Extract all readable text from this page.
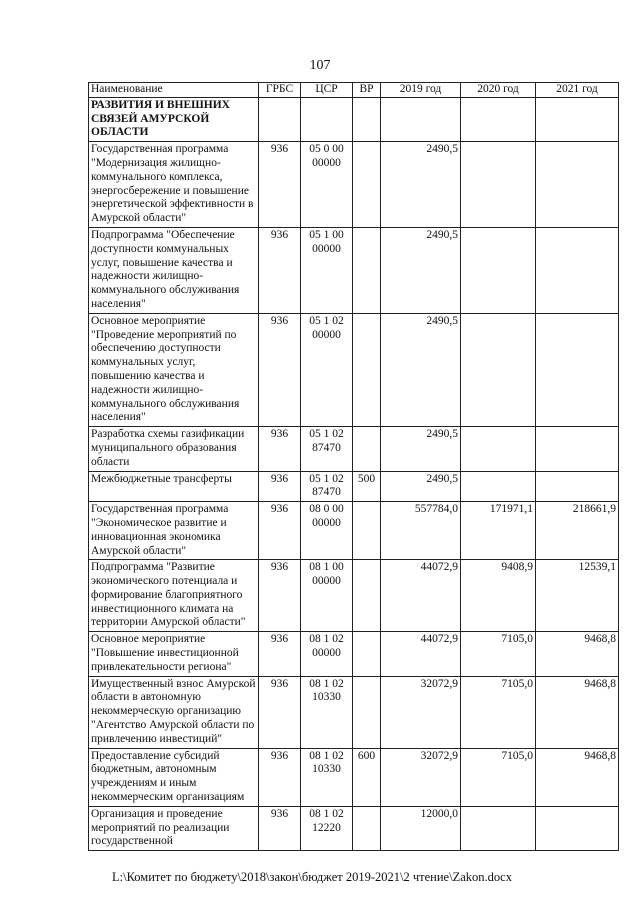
107
Наименование	ГРБС	ЦСР	ВР	2019 год	2020 год	2021 год
РАЗВИТИЯ И ВНЕШНИХ СВЯЗЕЙ АМУРСКОЙ ОБЛАСТИ						
Государственная программа "Модернизация жилищно-коммунального комплекса, энергосбережение и повышение энергетической эффективности в Амурской области"	936	05 0 00 00000		2490,5		
Подпрограмма "Обеспечение доступности коммунальных услуг, повышение качества и надежности жилищно-коммунального обслуживания населения"	936	05 1 00 00000		2490,5		
Основное мероприятие "Проведение мероприятий по обеспечению доступности коммунальных услуг, повышению качества и надежности жилищно-коммунального обслуживания населения"	936	05 1 02 00000		2490,5		
Разработка схемы газификации муниципального образования области	936	05 1 02 87470		2490,5		
Межбюджетные трансферты	936	05 1 02 87470	500	2490,5		
Государственная программа "Экономическое развитие и инновационная экономика Амурской области"	936	08 0 00 00000		557784,0	171971,1	218661,9
Подпрограмма "Развитие экономического потенциала и формирование благоприятного инвестиционного климата на территории Амурской области"	936	08 1 00 00000		44072,9	9408,9	12539,1
Основное мероприятие "Повышение инвестиционной привлекательности региона"	936	08 1 02 00000		44072,9	7105,0	9468,8
Имущественный взнос Амурской области в автономную некоммерческую организацию "Агентство Амурской области по привлечению инвестиций"	936	08 1 02 10330		32072,9	7105,0	9468,8
Предоставление субсидий бюджетным, автономным учреждениям и иным некоммерческим организациям	936	08 1 02 10330	600	32072,9	7105,0	9468,8
Организация и проведение мероприятий по реализации государственной	936	08 1 02 12220		12000,0		
L:\Комитет по бюджету\2018\закон\бюджет 2019-2021\2 чтение\Zakon.docx
